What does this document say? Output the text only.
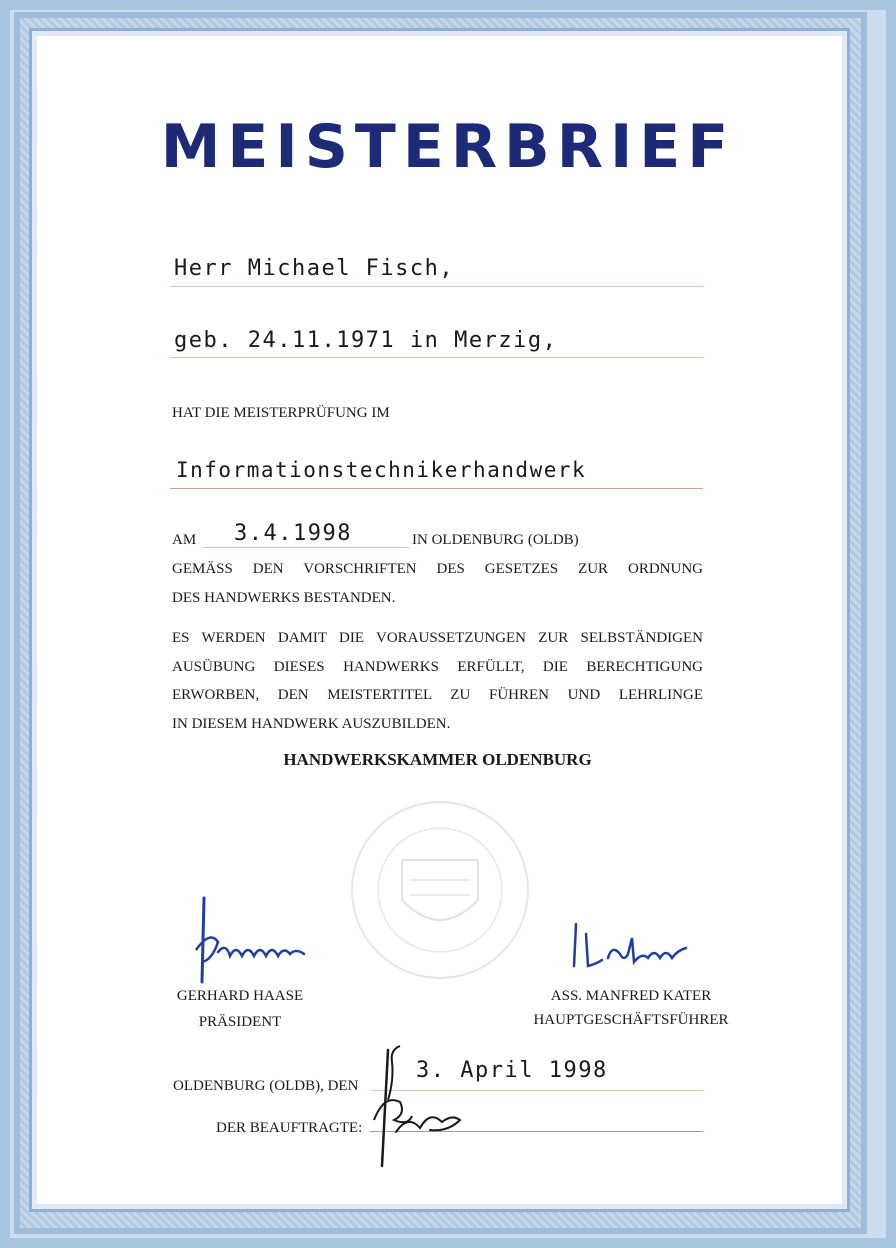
MEISTERBRIEF
Herr Michael Fisch,
geb. 24.11.1971 in Merzig,
HAT DIE MEISTERPRÜFUNG IM
Informationstechnikerhandwerk
AM 3.4.1998	IN OLDENBURG (OLDB)
GEMÄSS DEN VORSCHRIFTEN DES GESETZES ZUR ORDNUNG
DES HANDWERKS BESTANDEN.
ES WERDEN DAMIT DIE VORAUSSETZUNGEN ZUR SELBSTÄNDIGEN
AUSÜBUNG DIESES HANDWERKS ERFÜLLT, DIE BERECHTIGUNG
ERWORBEN, DEN MEISTERTITEL ZU FÜHREN UND LEHRLINGE
IN DIESEM HANDWERK AUSZUBILDEN.
HANDWERKSKAMMER OLDENBURG
GERHARD HAASE
PRÄSIDENT
ASS. MANFRED KATER
HAUPTGESCHÄFTSFÜHRER
OLDENBURG (OLDB), DEN
3. April 1998
DER BEAUFTRAGTE:
